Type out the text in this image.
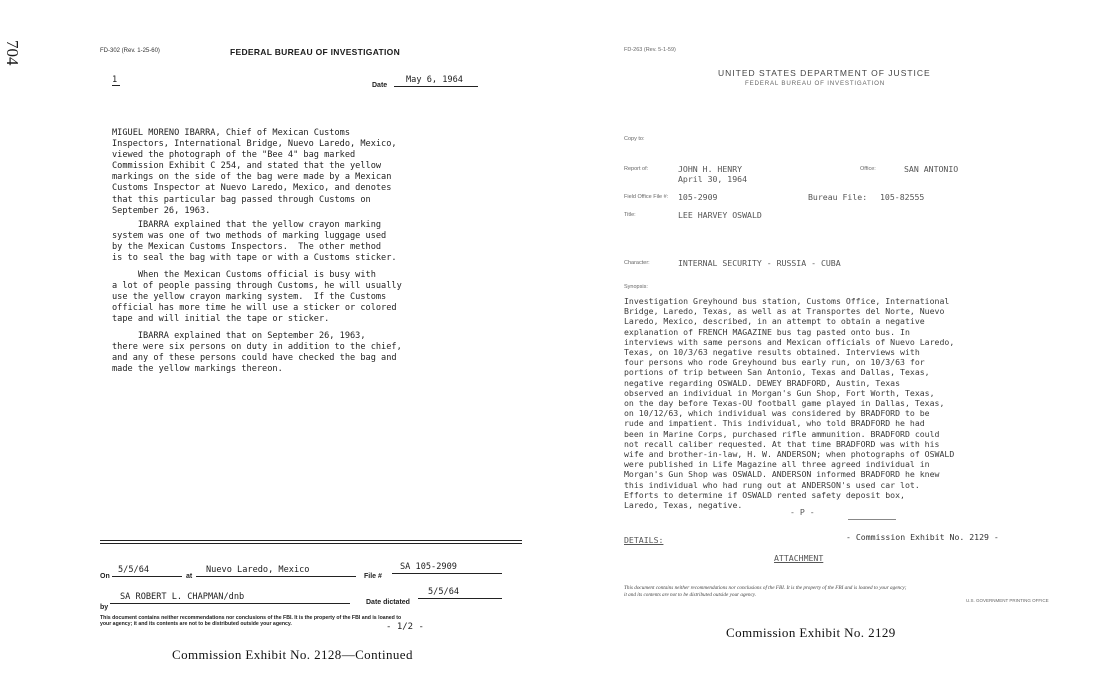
704	FD-302 (Rev. 1-25-60)	FEDERAL BUREAU OF INVESTIGATION
1
Date
May 6, 1964
MIGUEL MORENO IBARRA, Chief of Mexican Customs
Inspectors, International Bridge, Nuevo Laredo, Mexico,
viewed the photograph of the "Bee 4" bag marked
Commission Exhibit C 254, and stated that the yellow
markings on the side of the bag were made by a Mexican
Customs Inspector at Nuevo Laredo, Mexico, and denotes
that this particular bag passed through Customs on
September 26, 1963.
IBARRA explained that the yellow crayon marking
system was one of two methods of marking luggage used
by the Mexican Customs Inspectors.  The other method
is to seal the bag with tape or with a Customs sticker.
When the Mexican Customs official is busy with
a lot of people passing through Customs, he will usually
use the yellow crayon marking system.  If the Customs
official has more time he will use a sticker or colored
tape and will initial the tape or sticker.
IBARRA explained that on September 26, 1963,
there were six persons on duty in addition to the chief,
and any of these persons could have checked the bag and
made the yellow markings thereon.
On
5/5/64
at
Nuevo Laredo, Mexico
File #
SA 105-2909
by
SA ROBERT L. CHAPMAN/dnb
Date dictated
5/5/64
This document contains neither recommendations nor conclusions of the FBI. It is the property of the FBI and is loaned to
your agency; it and its contents are not to be distributed outside your agency.	- 1/2 -
Commission Exhibit No. 2128—Continued
FD-263 (Rev. 5-1-59)
UNITED STATES DEPARTMENT OF JUSTICE
FEDERAL BUREAU OF INVESTIGATION
Copy to:
Report of:	JOHN H. HENRY
April 30, 1964
Office:	SAN ANTONIO
Field Office File #: 105-2909	Bureau File: 105-82555
Title:	LEE HARVEY OSWALD
Character:	INTERNAL SECURITY - RUSSIA - CUBA
Synopsis:
Investigation Greyhound bus station, Customs Office, International
Bridge, Laredo, Texas, as well as at Transportes del Norte, Nuevo
Laredo, Mexico, described, in an attempt to obtain a negative
explanation of FRENCH MAGAZINE bus tag pasted onto bus. In
interviews with same persons and Mexican officials of Nuevo Laredo,
Texas, on 10/3/63 negative results obtained. Interviews with
four persons who rode Greyhound bus early run, on 10/3/63 for
portions of trip between San Antonio, Texas and Dallas, Texas,
negative regarding OSWALD. DEWEY BRADFORD, Austin, Texas
observed an individual in Morgan's Gun Shop, Fort Worth, Texas,
on the day before Texas-OU football game played in Dallas, Texas,
on 10/12/63, which individual was considered by BRADFORD to be
rude and impatient. This individual, who told BRADFORD he had
been in Marine Corps, purchased rifle ammunition. BRADFORD could
not recall caliber requested. At that time BRADFORD was with his
wife and brother-in-law, H. W. ANDERSON; when photographs of OSWALD
were published in Life Magazine all three agreed individual in
Morgan's Gun Shop was OSWALD. ANDERSON informed BRADFORD he knew
this individual who had rung out at ANDERSON's used car lot.
Efforts to determine if OSWALD rented safety deposit box,
Laredo, Texas, negative.
- P -
DETAILS:	- Commission Exhibit No. 2129 -
ATTACHMENT
This document contains neither recommendations nor conclusions of the FBI. It is the property of the FBI and is loaned to your agency;
it and its contents are not to be distributed outside your agency.
U.S. GOVERNMENT PRINTING OFFICE
Commission Exhibit No. 2129
